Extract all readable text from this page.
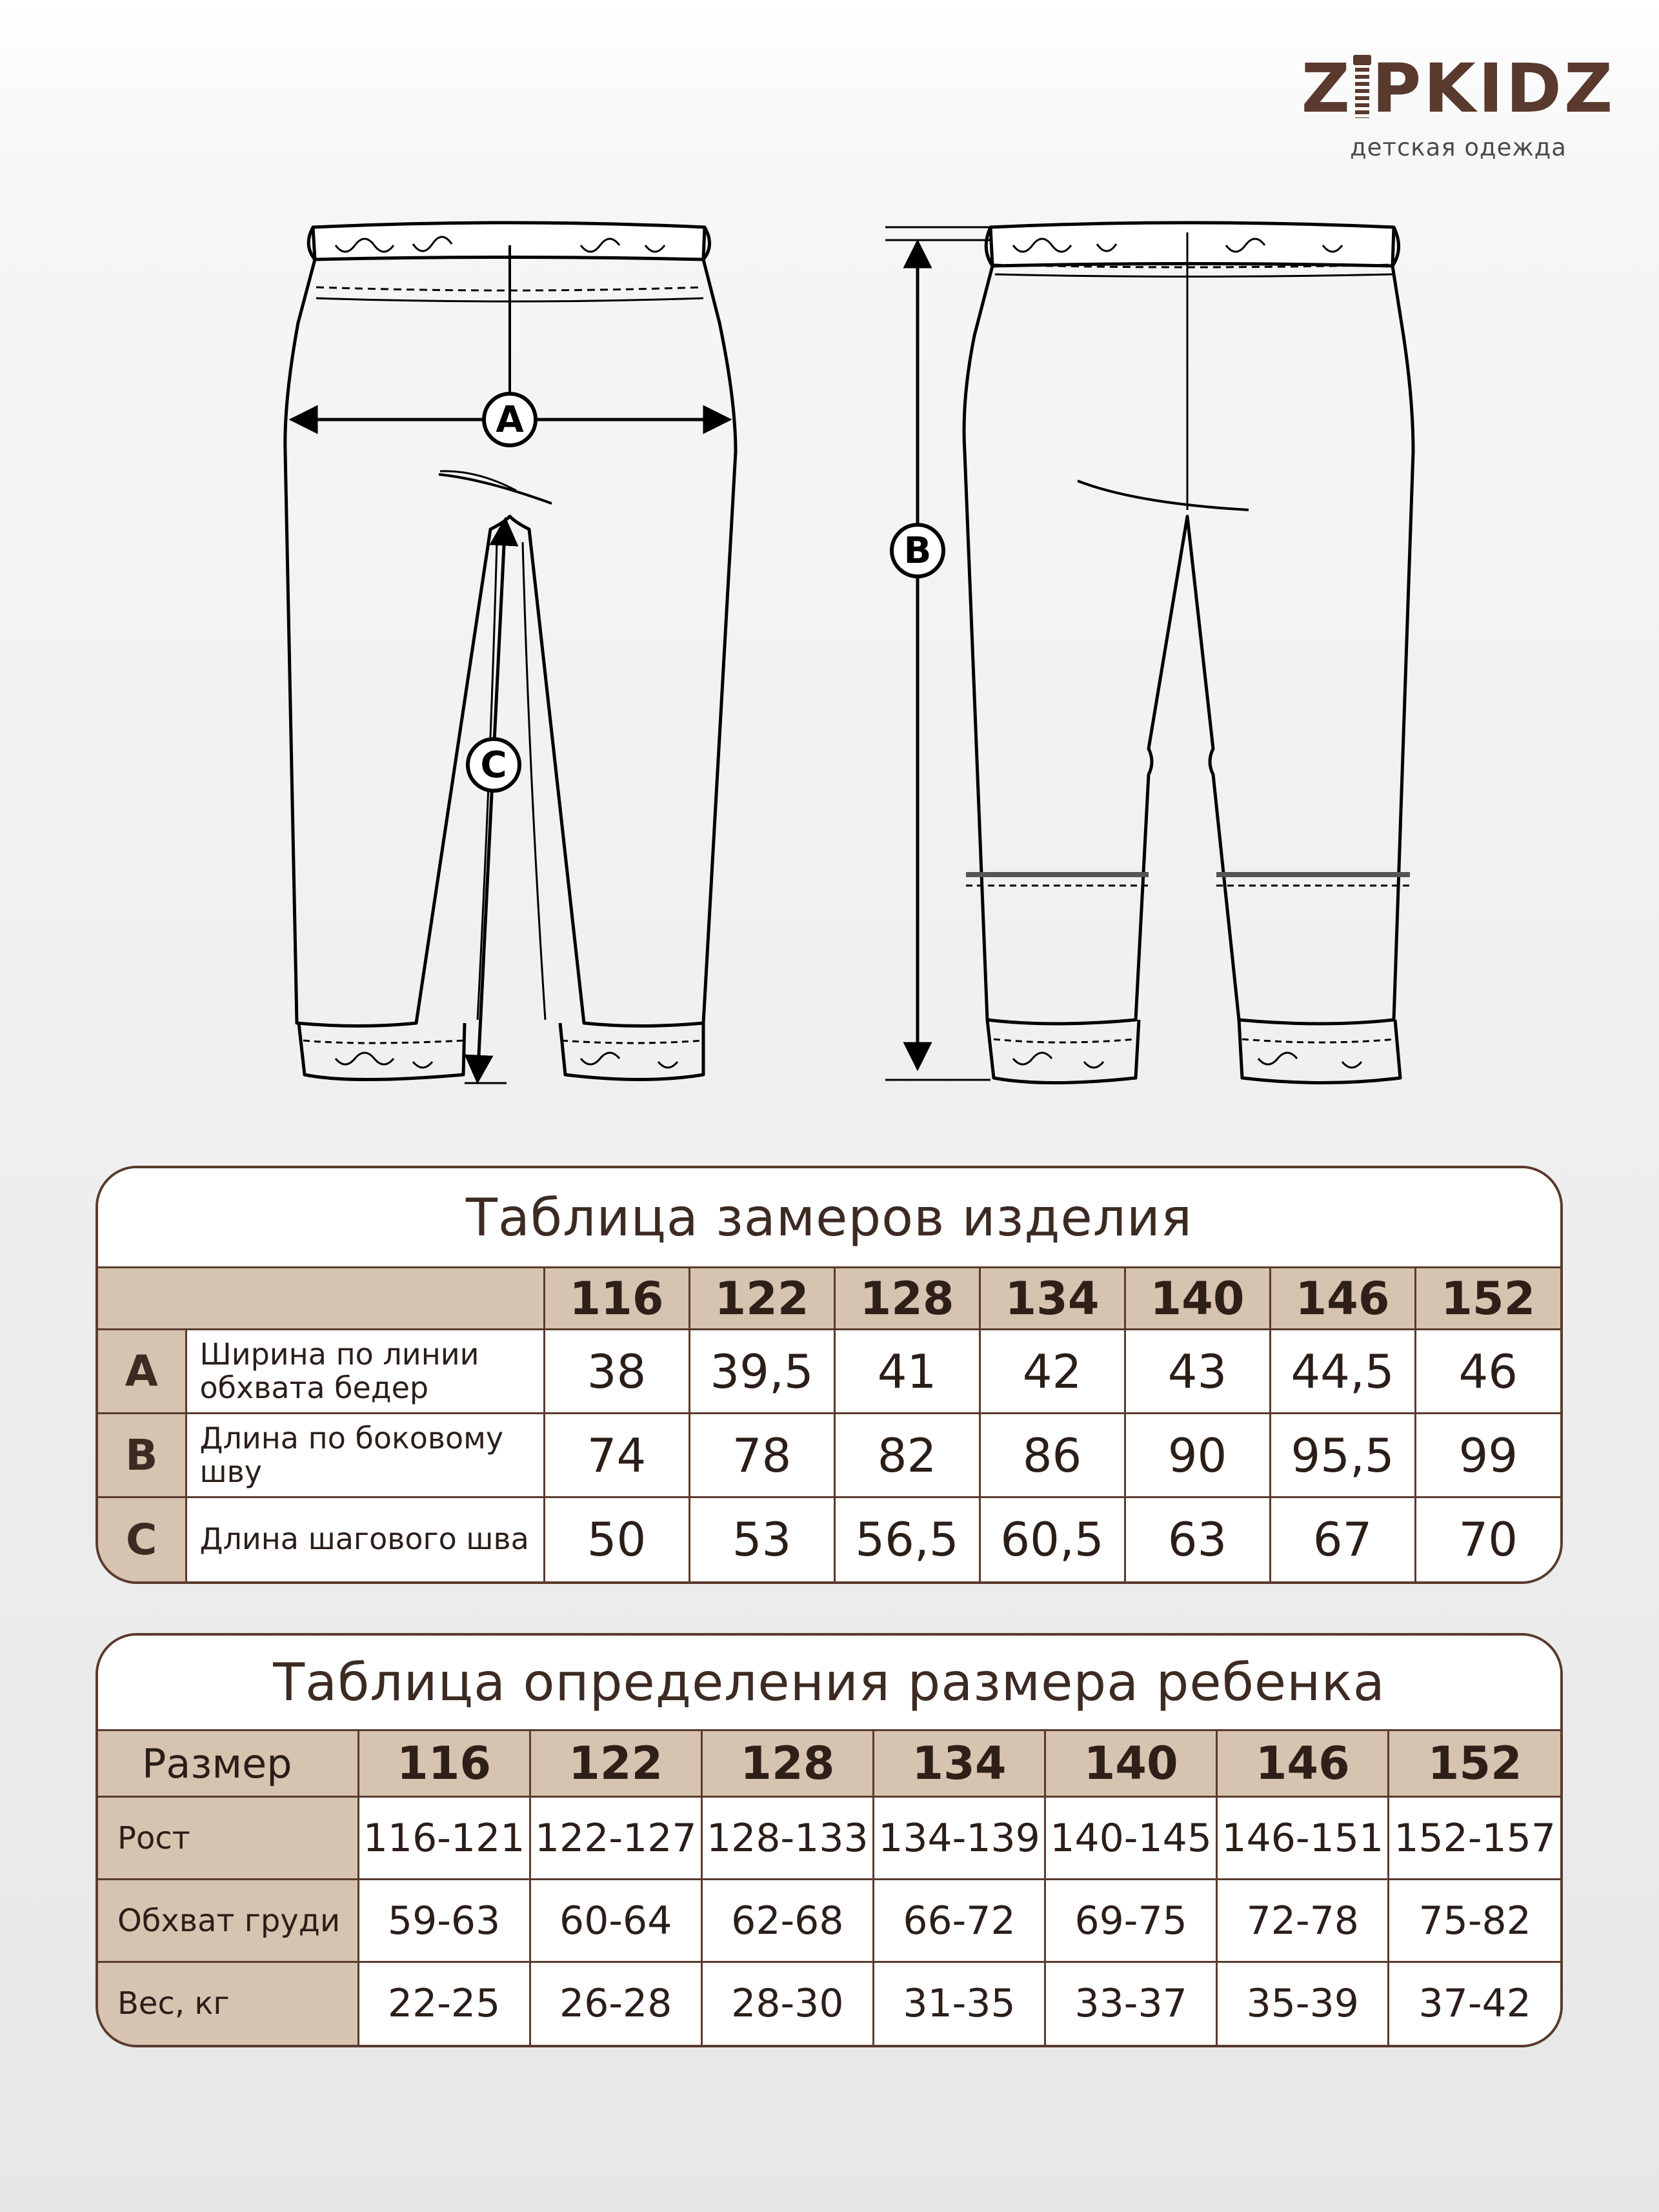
Z PKIDZ
детская одежда
A
C
B
Таблица замеров изделия
		116	122	128	134	140	146	152
A	Ширина по линии обхвата бедер	38	39,5	41	42	43	44,5	46
B	Длина по боковому шву	74	78	82	86	90	95,5	99
C	Длина шагового шва	50	53	56,5	60,5	63	67	70
Таблица определения размера ребенка
Размер	116	122	128	134	140	146	152
Рост	116-121	122-127	128-133	134-139	140-145	146-151	152-157
Обхват груди	59-63	60-64	62-68	66-72	69-75	72-78	75-82
Вес, кг	22-25	26-28	28-30	31-35	33-37	35-39	37-42
